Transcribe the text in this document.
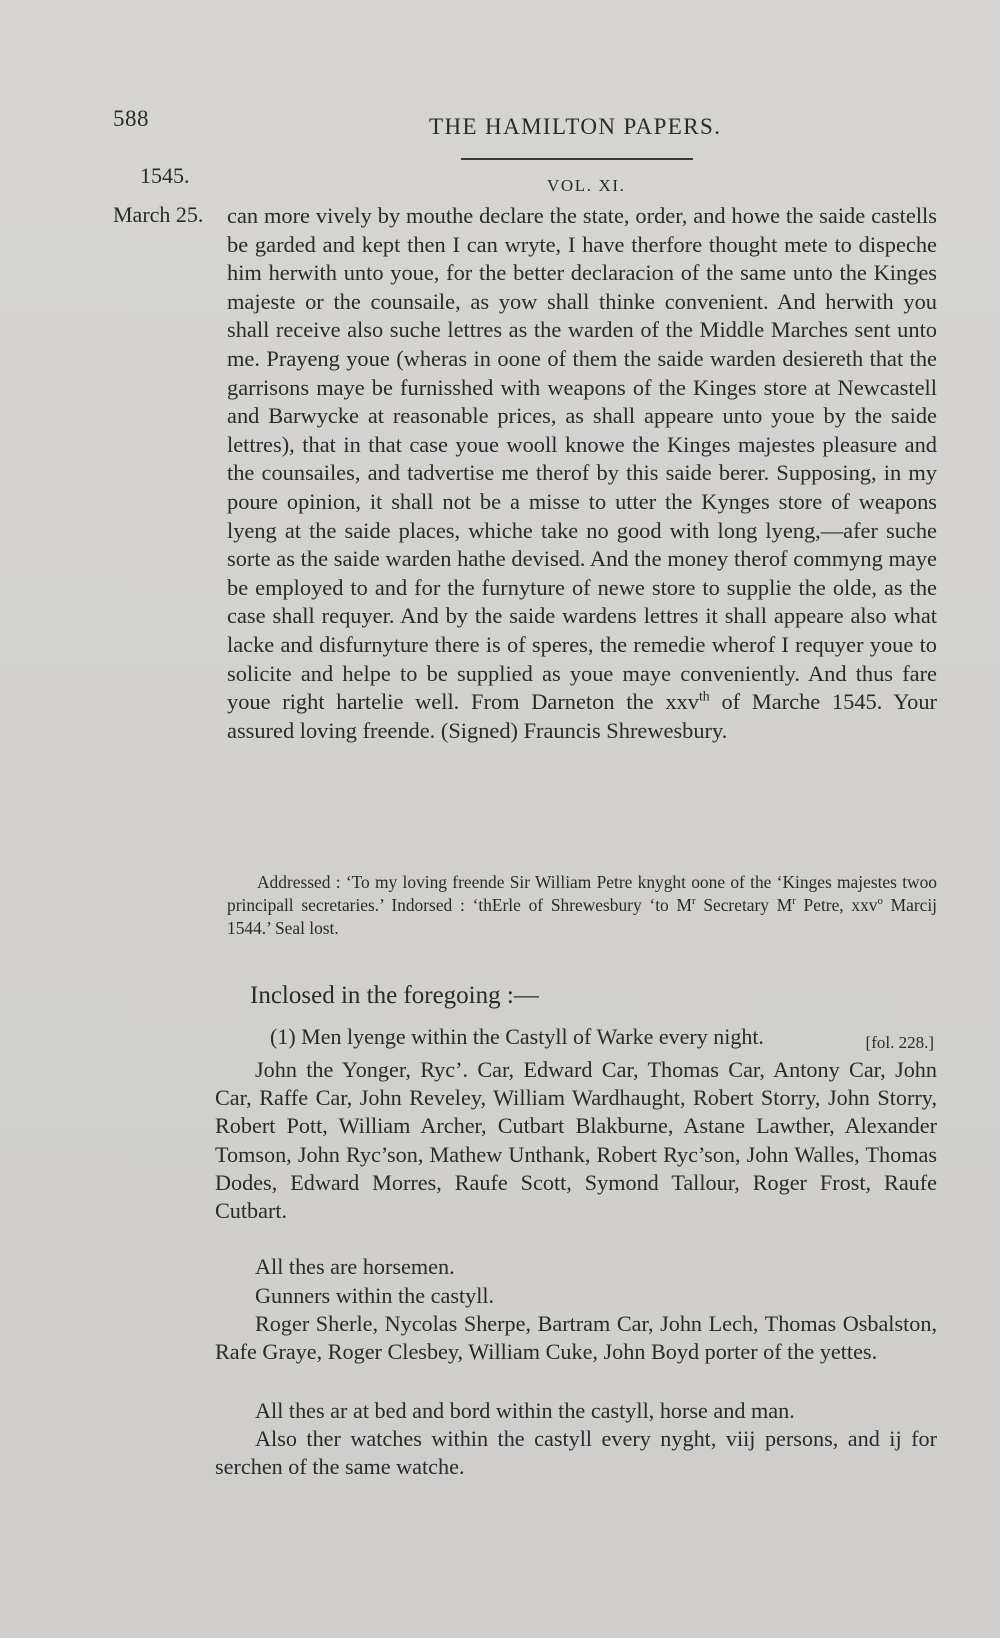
588	THE HAMILTON PAPERS.
1545.	VOL. XI.
March 25. can more vively by mouthe declare the state, order, and howe the saide castells be garded and kept then I can wryte, I have therfore thought mete to dispeche him herwith unto youe, for the better declaracion of the same unto the Kinges majeste or the counsaile, as yow shall thinke convenient. And herwith you shall receive also suche lettres as the warden of the Middle Marches sent unto me. Prayeng youe (wheras in oone of them the saide warden desiereth that the garrisons maye be furnisshed with weapons of the Kinges store at Newcastell and Barwycke at reasonable prices, as shall appeare unto youe by the saide lettres), that in that case youe wooll knowe the Kinges majestes pleasure and the counsailes, and tadvertise me therof by this saide berer. Supposing, in my poure opinion, it shall not be a misse to utter the Kynges store of weapons lyeng at the saide places, whiche take no good with long lyeng,—afer suche sorte as the saide warden hathe devised. And the money therof commyng maye be employed to and for the furnyture of newe store to supplie the olde, as the case shall requyer. And by the saide wardens lettres it shall appeare also what lacke and disfurnyture there is of speres, the remedie wherof I requyer youe to solicite and helpe to be supplied as youe maye conveniently. And thus fare youe right hartelie well. From Darneton the xxv$^{th}$ of Marche 1545. Your assured loving freende. (Signed) Frauncis Shrewesbury.

Addressed : ‘To my loving freende Sir William Petre knyght oone of the ‘Kinges majestes twoo principall secretaries.’ Indorsed : ‘thErle of Shrewesbury ‘to $M^r$ Secretary $M^r$ Petre, xxv$^o$ Marcij 1544.’ Seal lost.

Inclosed in the foregoing :—
(1) Men lyenge within the Castyll of Warke every night.	[fol. 228.]

John the Yonger, Ryc’. Car, Edward Car, Thomas Car, Antony Car, John Car, Raffe Car, John Reveley, William Wardhaught, Robert Storry, John Storry, Robert Pott, William Archer, Cutbart Blakburne, Astane Lawther, Alexander Tomson, John Ryc’son, Mathew Unthank, Robert Ryc’son, John Walles, Thomas Dodes, Edward Morres, Raufe Scott, Symond Tallour, Roger Frost, Raufe Cutbart.

All thes are horsemen.

Gunners within the castyll.

Roger Sherle, Nycolas Sherpe, Bartram Car, John Lech, Thomas Osbalston, Rafe Graye, Roger Clesbey, William Cuke, John Boyd porter of the yettes.

All thes ar at bed and bord within the castyll, horse and man.

Also ther watches within the castyll every nyght, viij persons, and ij for serchen of the same watche.
